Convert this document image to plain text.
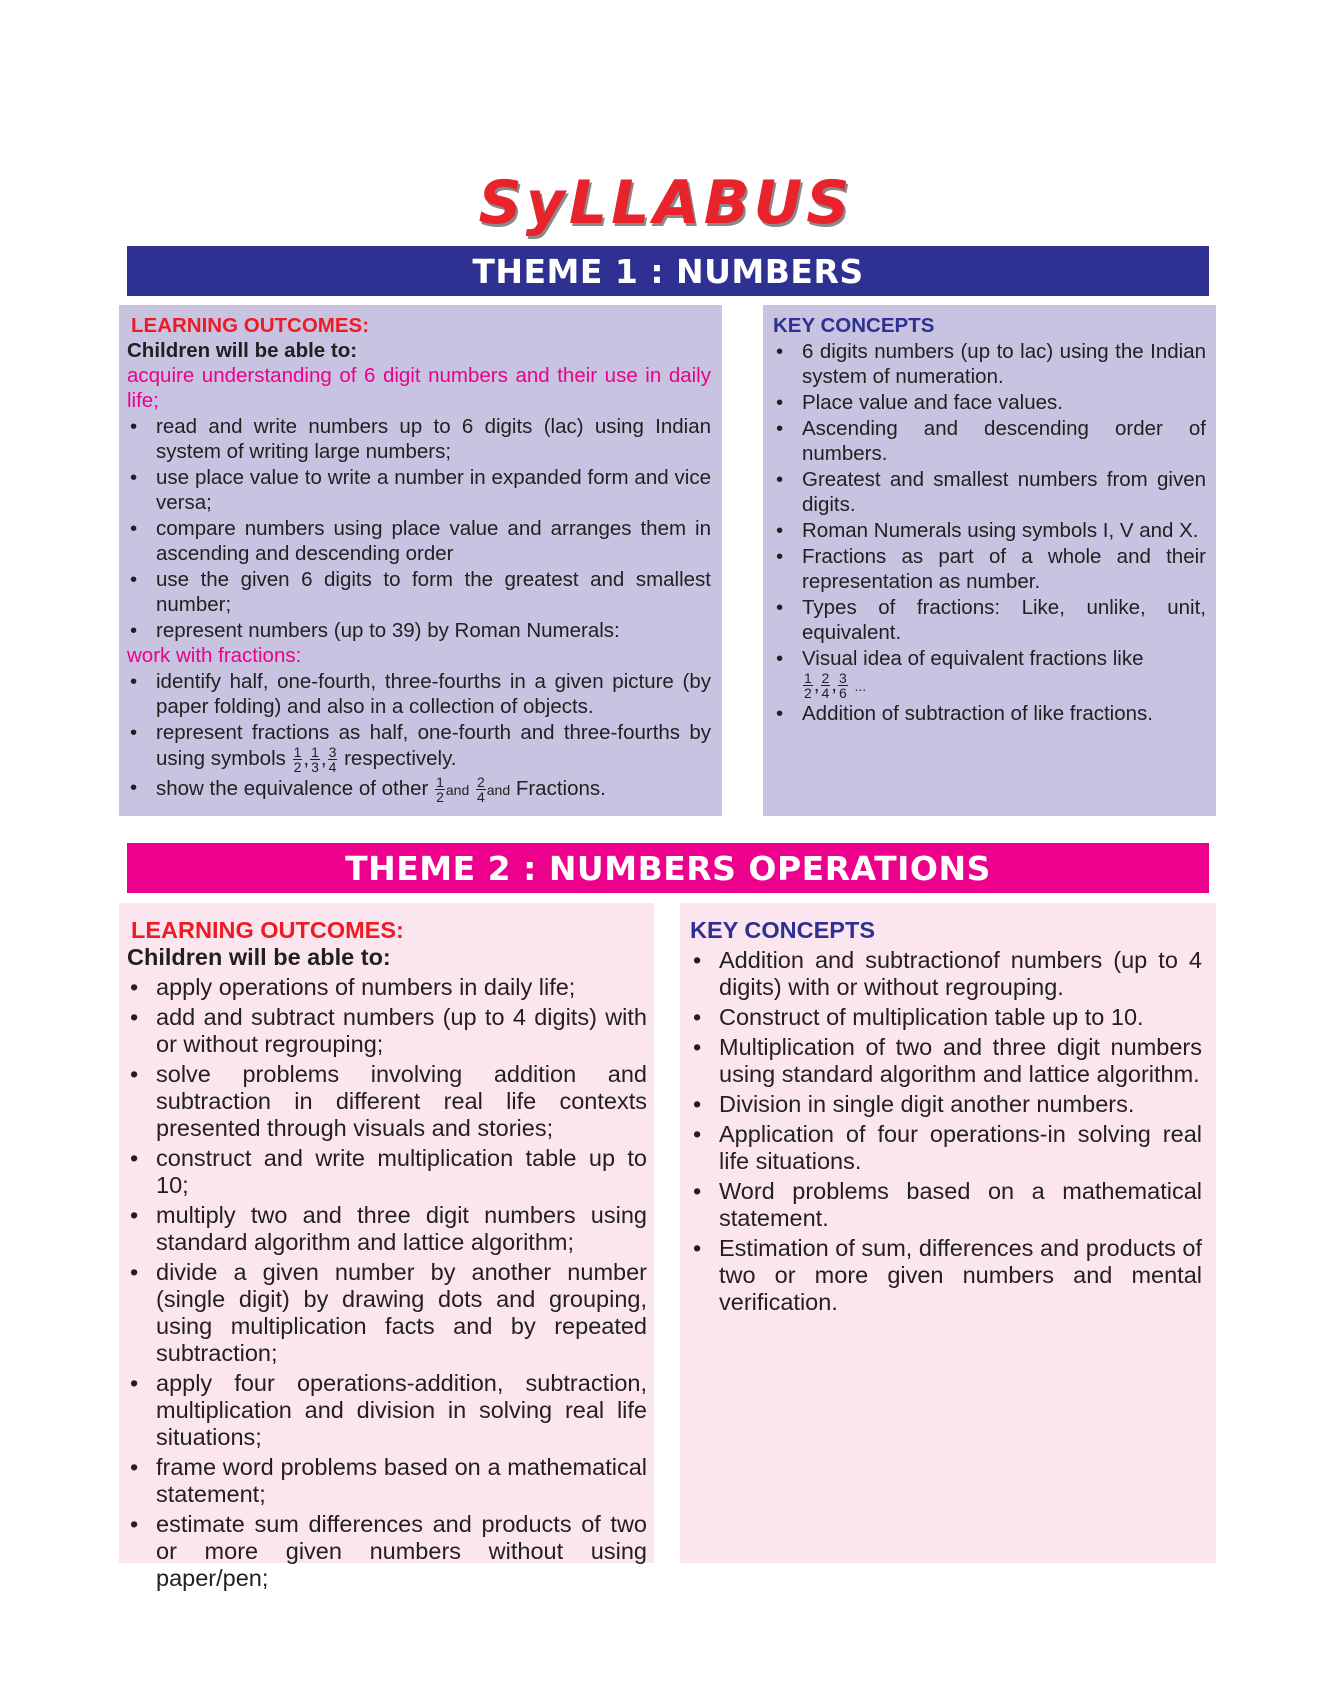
SyLLABUS
THEME 1 : NUMBERS
LEARNING OUTCOMES:
Children will be able to:
acquire understanding of 6 digit numbers and their use in daily life;
• read and write numbers up to 6 digits (lac) using Indian system of writing large numbers;
• use place value to write a number in expanded form and vice versa;
• compare numbers using place value and arranges them in ascending and descending order
• use the given 6 digits to form the greatest and smallest number;
• represent numbers (up to 39) by Roman Numerals:
work with fractions:
• identify half, one-fourth, three-fourths in a given picture (by paper folding) and also in a collection of objects.
• represent fractions as half, one-fourth and three-fourths by using symbols $\frac{1}{2}$ , $\frac{1}{3}$ , $\frac{3}{4}$ respectively.
• show the equivalence of other $\frac{1}{2}$ and $\frac{2}{4}$ and Fractions.
KEY CONCEPTS
• 6 digits numbers (up to lac) using the Indian system of numeration.
• Place value and face values.
• Ascending and descending order of numbers.
• Greatest and smallest numbers from given digits.
• Roman Numerals using symbols I, V and X.
• Fractions as part of a whole and their representation as number.
• Types of fractions: Like, unlike, unit, equivalent.
• Visual idea of equivalent fractions like

$\frac{1}{2}$ , $\frac{2}{4}$ , $\frac{3}{6}$ ...
• Addition of subtraction of like fractions.
THEME 2 : NUMBERS OPERATIONS
LEARNING OUTCOMES:
Children will be able to:
• apply operations of numbers in daily life;
• add and subtract numbers (up to 4 digits) with or without regrouping;
• solve problems involving addition and subtraction in different real life contexts presented through visuals and stories;
• construct and write multiplication table up to 10;
• multiply two and three digit numbers using standard algorithm and lattice algorithm;
• divide a given number by another number (single digit) by drawing dots and grouping, using multiplication facts and by repeated subtraction;
• apply four operations-addition, subtraction, multiplication and division in solving real life situations;
• frame word problems based on a mathematical statement;
• estimate sum differences and products of two or more given numbers without using paper/pen;
KEY CONCEPTS
• Addition and subtractionof numbers (up to 4 digits) with or without regrouping.
• Construct of multiplication table up to 10.
• Multiplication of two and three digit numbers using standard algorithm and lattice algorithm.
• Division in single digit another numbers.
• Application of four operations-in solving real life situations.
• Word problems based on a mathematical statement.
• Estimation of sum, differences and products of two or more given numbers and mental verification.
